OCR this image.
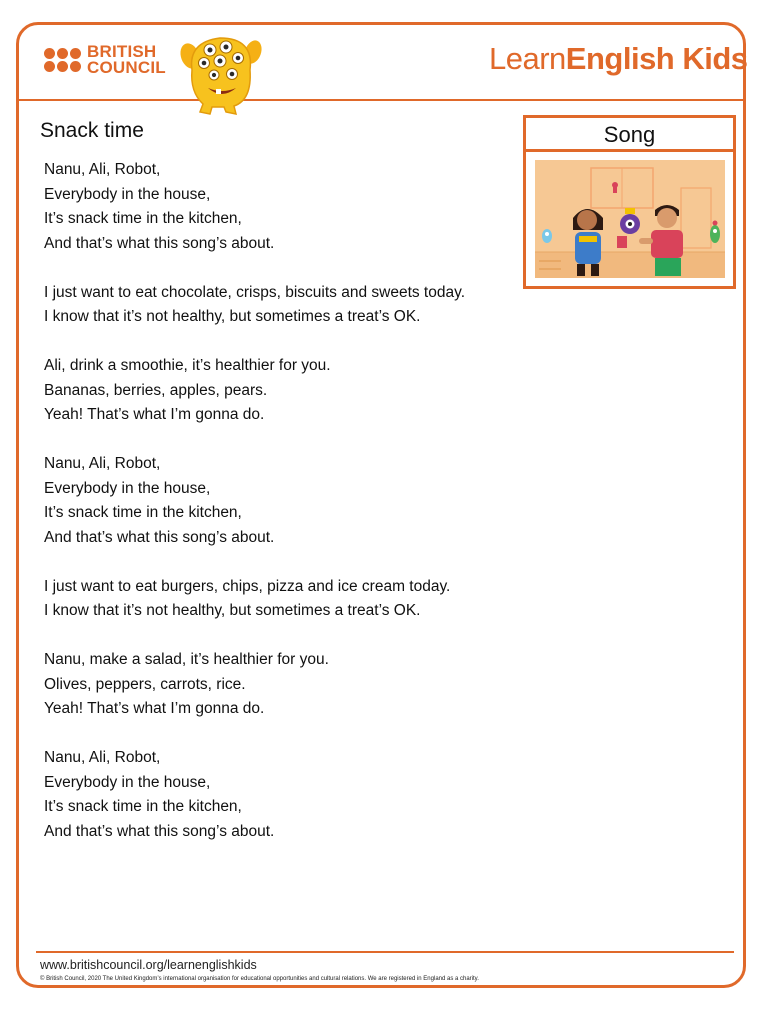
BRITISH
COUNCIL	LearnEnglish Kids
Snack time	Song
Nanu, Ali, Robot,
Everybody in the house,
It’s snack time in the kitchen,
And that’s what this song’s about.
I just want to eat chocolate, crisps, biscuits and sweets today.
I know that it’s not healthy, but sometimes a treat’s OK.
Ali, drink a smoothie, it’s healthier for you.
Bananas, berries, apples, pears.
Yeah! That’s what I’m gonna do.
Nanu, Ali, Robot,
Everybody in the house,
It’s snack time in the kitchen,
And that’s what this song’s about.
I just want to eat burgers, chips, pizza and ice cream today.
I know that it’s not healthy, but sometimes a treat’s OK.
Nanu, make a salad, it’s healthier for you.
Olives, peppers, carrots, rice.
Yeah! That’s what I’m gonna do.
Nanu, Ali, Robot,
Everybody in the house,
It’s snack time in the kitchen,
And that’s what this song’s about.
www.britishcouncil.org/learnenglishkids
© British Council, 2020 The United Kingdom’s international organisation for educational opportunities and cultural relations. We are registered in England as a charity.
